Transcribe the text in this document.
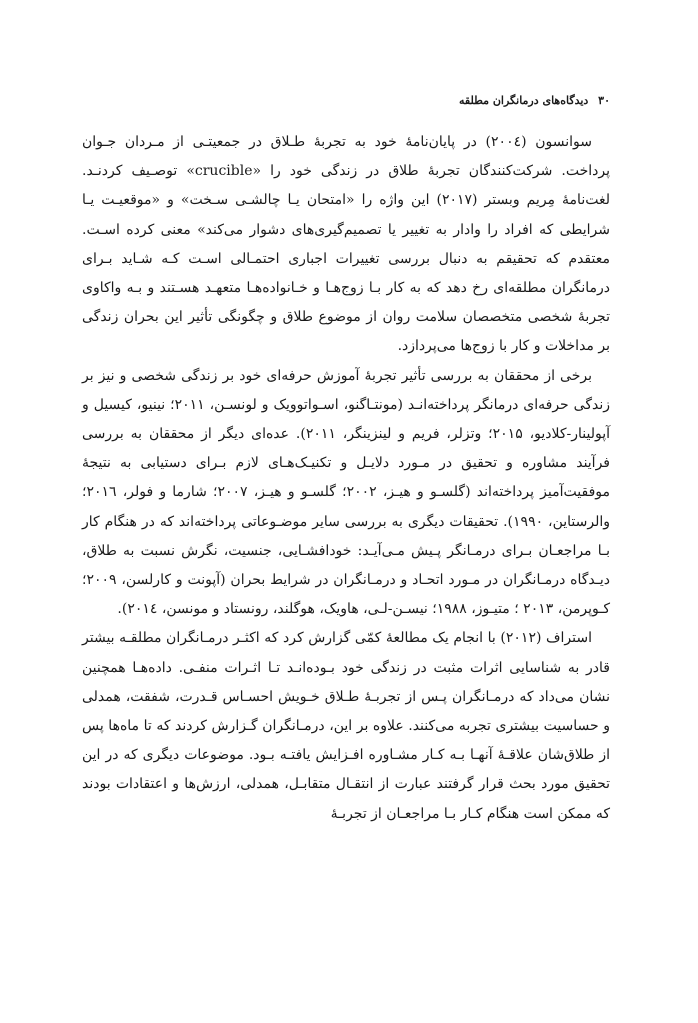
۳۰ دیدگاه‌های درمانگران مطلقه

سوانسون (۲۰۰٤) در پایان‌نامهٔ خود به تجربهٔ طـلاق در جمعیتـی از مـردان جـوان پرداخت. شرکت‌کنندگان تجربهٔ طلاق در زندگی خود را «crucible» توصـیف کردنـد. لغت‌نامهٔ مِریم وبستر (۲۰۱۷) این واژه را «امتحان یـا چالشـی سـخت» و «موقعیـت یـا شرایطی که افراد را وادار به تغییر یا تصمیم‌گیری‌های دشوار می‌کند» معنی کرده اسـت. معتقدم که تحقیقم به دنبال بررسی تغییرات اجباری احتمـالی اسـت کـه شـاید بـرای درمانگران مطلقه‌ای رخ دهد که به کار بـا زوج‌هـا و خـانواده‌هـا متعهـد هسـتند و بـه واکاوی تجربهٔ شخصی متخصصان سلامت روان از موضوع طلاق و چگونگی تأثیر این بحران زندگی بر مداخلات و کار با زوج‌ها می‌پردازد.

برخی از محققان به بررسی تأثیر تجربهٔ آموزش حرفه‌ای خود بر زندگی شخصی و نیز بر زندگی حرفه‌ای درمانگر پرداخته‌انـد (مونتـاگنو، اسـواتوویک و لونسـن، ۲۰۱۱؛ نینیو، کیسیل و آپولینار-کلادیو، ۲۰۱۵؛ وتزلر، فریم و لینزینگر، ۲۰۱۱). عده‌ای دیگر از محققان به بررسی فرآیند مشاوره و تحقیق در مـورد دلایـل و تکنیـک‌هـای لازم بـرای دستیابی به نتیجهٔ موفقیت‌آمیز پرداخته‌اند (گلسـو و هیـز، ۲۰۰۲؛ گلسـو و هیـز، ۲۰۰۷؛ شارما و فولر، ۲۰۱٦؛ والرستاین، ۱۹۹۰). تحقیقات دیگری به بررسی سایر موضـوعاتی پرداخته‌اند که در هنگام کار بـا مراجعـان بـرای درمـانگر پـیش مـی‌آیـد: خودافشـایی، جنسیت، نگرش نسبت به طلاق، دیـدگاه درمـانگران در مـورد اتحـاد و درمـانگران در شرایط بحران (آپونت و کارلسن، ۲۰۰۹؛ کـوپرمن، ۲۰۱۳ ؛ متیـوز، ۱۹۸۸؛ نیسـن-لـی، هاویک، هوگلند، رونستاد و مونسن، ۲۰۱٤).

استراف (۲۰۱۲) با انجام یک مطالعهٔ کمّی گزارش کرد که اکثـر درمـانگران مطلقـه بیشتر قادر به شناسایی اثرات مثبت در زندگی خود بـوده‌انـد تـا اثـرات منفـی. داده‌هـا همچنین نشان می‌داد که درمـانگران پـس از تجربـهٔ طـلاق خـویش احسـاس قـدرت، شفقت، همدلی و حساسیت بیشتری تجربه می‌کنند. علاوه بر این، درمـانگران گـزارش کردند که تا ماه‌ها پس از طلاق‌شان علاقـهٔ آنهـا بـه کـار مشـاوره افـزایش یافتـه بـود. موضوعات دیگری که در این تحقیق مورد بحث قرار گرفتند عبارت از انتقـال متقابـل، همدلی، ارزش‌ها و اعتقادات بودند که ممکن است هنگام کـار بـا مراجعـان از تجربـهٔ
